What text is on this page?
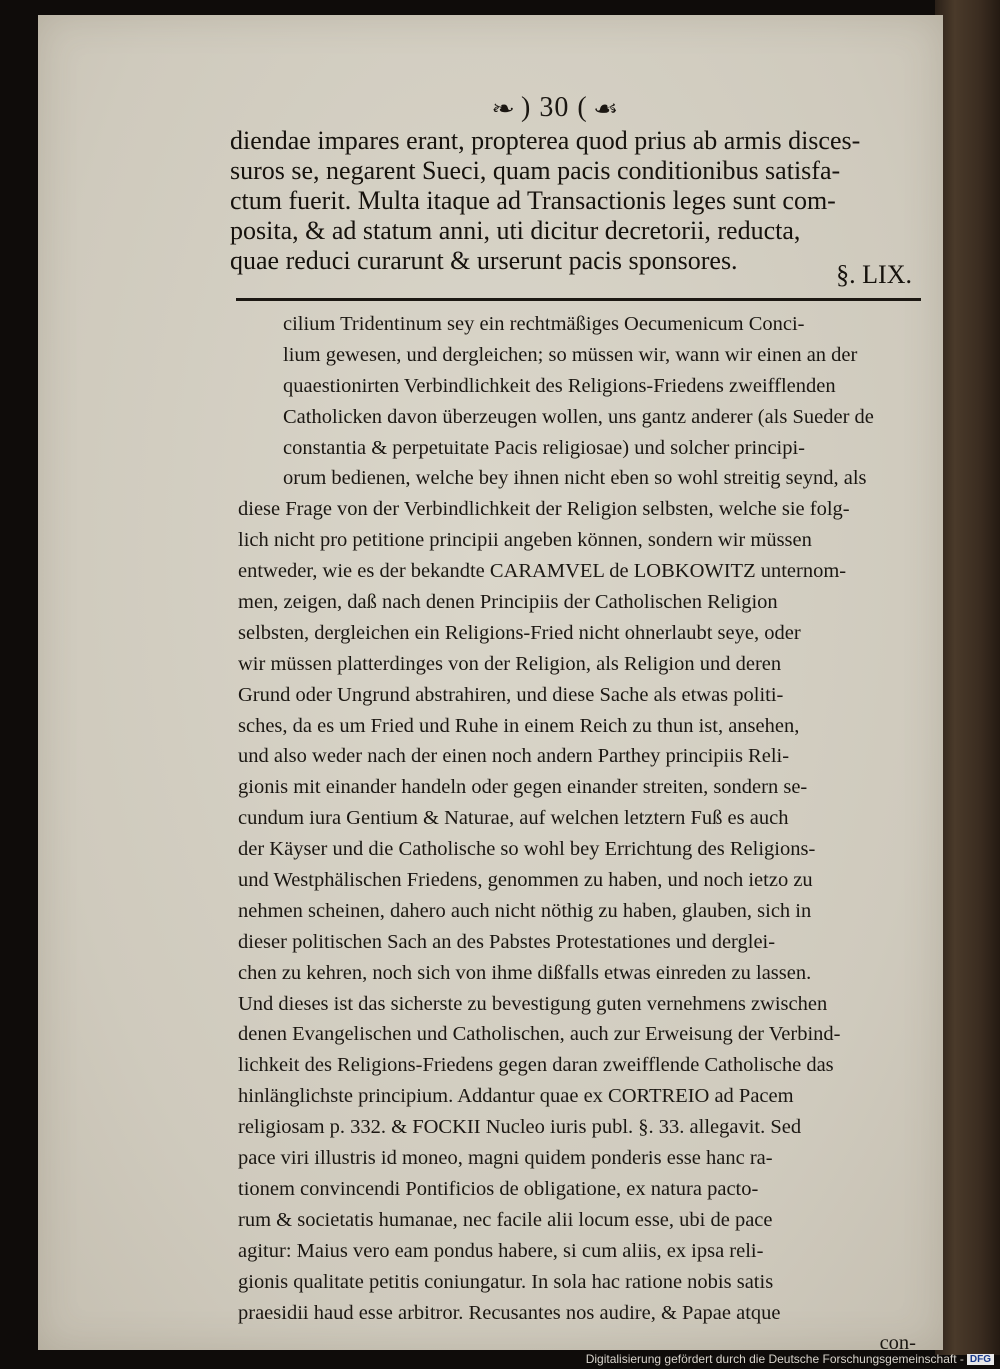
❧ ) 30 ( ☙
diendae impares erant, propterea quod prius ab armis disces-
suros se, negarent Sueci, quam pacis conditionibus satisfa-
ctum fuerit. Multa itaque ad Transactionis leges sunt com-
posita, & ad statum anni, uti dicitur decretorii, reducta,
quae reduci curarunt & urserunt pacis sponsores.	§. LIX.
cilium Tridentinum sey ein rechtmäßiges Oecumenicum Conci-
lium gewesen, und dergleichen; so müssen wir, wann wir einen an der
quaestionirten Verbindlichkeit des Religions-Friedens zweifflenden
Catholicken davon überzeugen wollen, uns gantz anderer (als Sueder de
constantia & perpetuitate Pacis religiosae) und solcher principi-
orum bedienen, welche bey ihnen nicht eben so wohl streitig seynd, als
diese Frage von der Verbindlichkeit der Religion selbsten, welche sie folg-
lich nicht pro petitione principii angeben können, sondern wir müssen
entweder, wie es der bekandte CARAMVEL de LOBKOWITZ unternom-
men, zeigen, daß nach denen Principiis der Catholischen Religion
selbsten, dergleichen ein Religions-Fried nicht ohnerlaubt seye, oder
wir müssen platterdinges von der Religion, als Religion und deren
Grund oder Ungrund abstrahiren, und diese Sache als etwas politi-
sches, da es um Fried und Ruhe in einem Reich zu thun ist, ansehen,
und also weder nach der einen noch andern Parthey principiis Reli-
gionis mit einander handeln oder gegen einander streiten, sondern se-
cundum iura Gentium & Naturae, auf welchen letztern Fuß es auch
der Käyser und die Catholische so wohl bey Errichtung des Religions-
und Westphälischen Friedens, genommen zu haben, und noch ietzo zu
nehmen scheinen, dahero auch nicht nöthig zu haben, glauben, sich in
dieser politischen Sach an des Pabstes Protestationes und derglei-
chen zu kehren, noch sich von ihme dißfalls etwas einreden zu lassen.
Und dieses ist das sicherste zu bevestigung guten vernehmens zwischen
denen Evangelischen und Catholischen, auch zur Erweisung der Verbind-
lichkeit des Religions-Friedens gegen daran zweifflende Catholische das
hinlänglichste principium. Addantur quae ex CORTREIO ad Pacem
religiosam p. 332. & FOCKII Nucleo iuris publ. §. 33. allegavit. Sed
pace viri illustris id moneo, magni quidem ponderis esse hanc ra-
tionem convincendi Pontificios de obligatione, ex natura pacto-
rum & societatis humanae, nec facile alii locum esse, ubi de pace
agitur: Maius vero eam pondus habere, si cum aliis, ex ipsa reli-
gionis qualitate petitis coniungatur. In sola hac ratione nobis satis
praesidii haud esse arbitror. Recusantes nos audire, & Papae atque
con-
Digitalisierung gefördert durch die Deutsche Forschungsgemeinschaft - DFG
